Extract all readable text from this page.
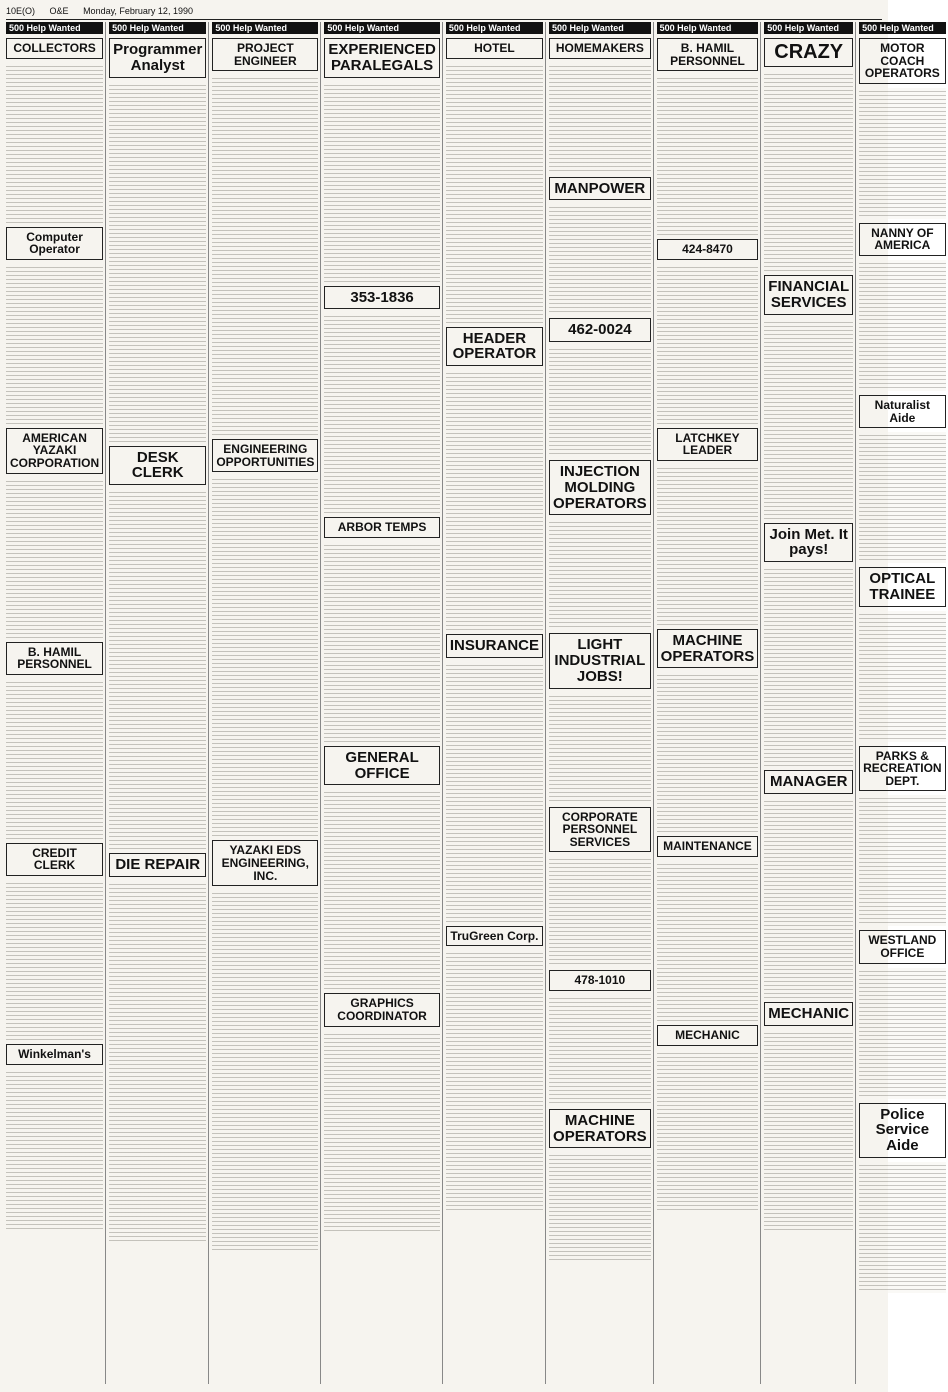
10E(O) O&E Monday, February 12, 1990
500 Help Wanted
COLLECTORS
Computer Operator
AMERICAN YAZAKI CORPORATION
B. HAMIL PERSONNEL
CREDIT CLERK
Winkelman's
500 Help Wanted
Programmer Analyst
DESK CLERK
DIE REPAIR
500 Help Wanted
PROJECT ENGINEER
ENGINEERING OPPORTUNITIES
YAZAKI EDS ENGINEERING, INC.
500 Help Wanted
EXPERIENCED PARALEGALS
353-1836
ARBOR TEMPS
GENERAL OFFICE
GRAPHICS COORDINATOR
500 Help Wanted
HOTEL
HEADER OPERATOR
INSURANCE
TruGreen Corp.
500 Help Wanted
HOMEMAKERS
MANPOWER
462-0024
INJECTION MOLDING OPERATORS
LIGHT INDUSTRIAL JOBS!
CORPORATE PERSONNEL SERVICES
478-1010
MACHINE OPERATORS
500 Help Wanted
B. HAMIL PERSONNEL
424-8470
LATCHKEY LEADER
MACHINE OPERATORS
MAINTENANCE
MECHANIC
500 Help Wanted
CRAZY
FINANCIAL SERVICES
Join Met. It pays!
MANAGER
MECHANIC
500 Help Wanted
MOTOR COACH OPERATORS
NANNY OF AMERICA
Naturalist Aide
OPTICAL TRAINEE
PARKS & RECREATION DEPT.
WESTLAND OFFICE
Police Service Aide
